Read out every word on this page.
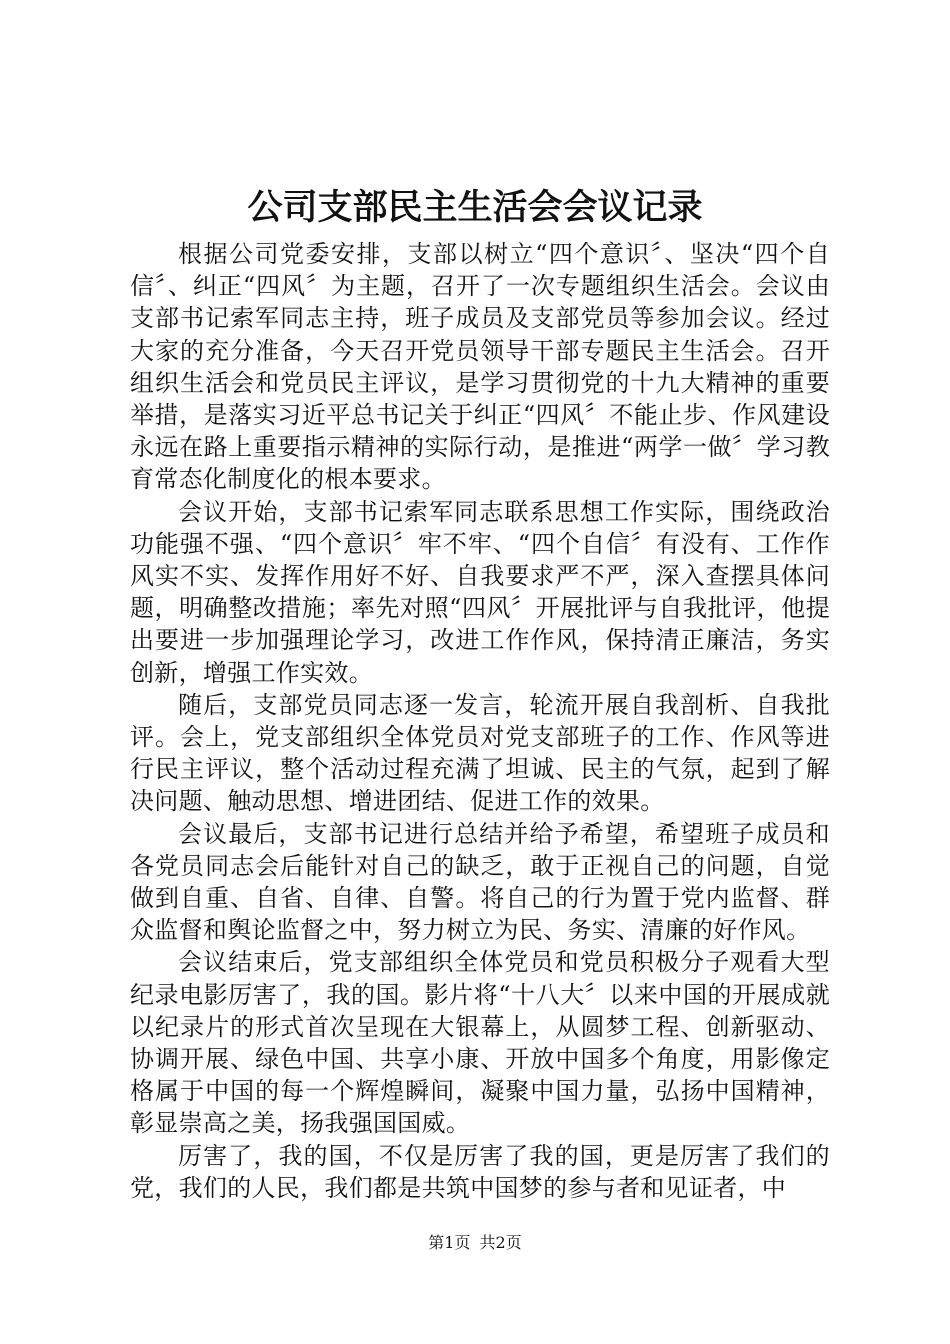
公司支部民主生活会会议记录

根据公司党委安排，支部以树立“四个意识〞、坚决“四个自信〞、纠正“四风〞为主题，召开了一次专题组织生活会。会议由支部书记索军同志主持，班子成员及支部党员等参加会议。经过大家的充分准备，今天召开党员领导干部专题民主生活会。召开组织生活会和党员民主评议，是学习贯彻党的十九大精神的重要举措，是落实习近平总书记关于纠正“四风〞不能止步、作风建设永远在路上重要指示精神的实际行动，是推进“两学一做〞学习教育常态化制度化的根本要求。

会议开始，支部书记索军同志联系思想工作实际，围绕政治功能强不强、“四个意识〞牢不牢、“四个自信〞有没有、工作作风实不实、发挥作用好不好、自我要求严不严，深入查摆具体问题，明确整改措施；率先对照“四风〞开展批评与自我批评，他提出要进一步加强理论学习，改进工作作风，保持清正廉洁，务实创新，增强工作实效。

随后，支部党员同志逐一发言，轮流开展自我剖析、自我批评。会上，党支部组织全体党员对党支部班子的工作、作风等进行民主评议，整个活动过程充满了坦诚、民主的气氛，起到了解决问题、触动思想、增进团结、促进工作的效果。

会议最后，支部书记进行总结并给予希望，希望班子成员和各党员同志会后能针对自己的缺乏，敢于正视自己的问题，自觉做到自重、自省、自律、自警。将自己的行为置于党内监督、群众监督和舆论监督之中，努力树立为民、务实、清廉的好作风。

会议结束后，党支部组织全体党员和党员积极分子观看大型纪录电影厉害了，我的国。影片将“十八大〞以来中国的开展成就以纪录片的形式首次呈现在大银幕上，从圆梦工程、创新驱动、协调开展、绿色中国、共享小康、开放中国多个角度，用影像定格属于中国的每一个辉煌瞬间，凝聚中国力量，弘扬中国精神，彰显崇高之美，扬我强国国威。

厉害了，我的国，不仅是厉害了我的国，更是厉害了我们的党，我们的人民，我们都是共筑中国梦的参与者和见证者，中

第1页 共2页
